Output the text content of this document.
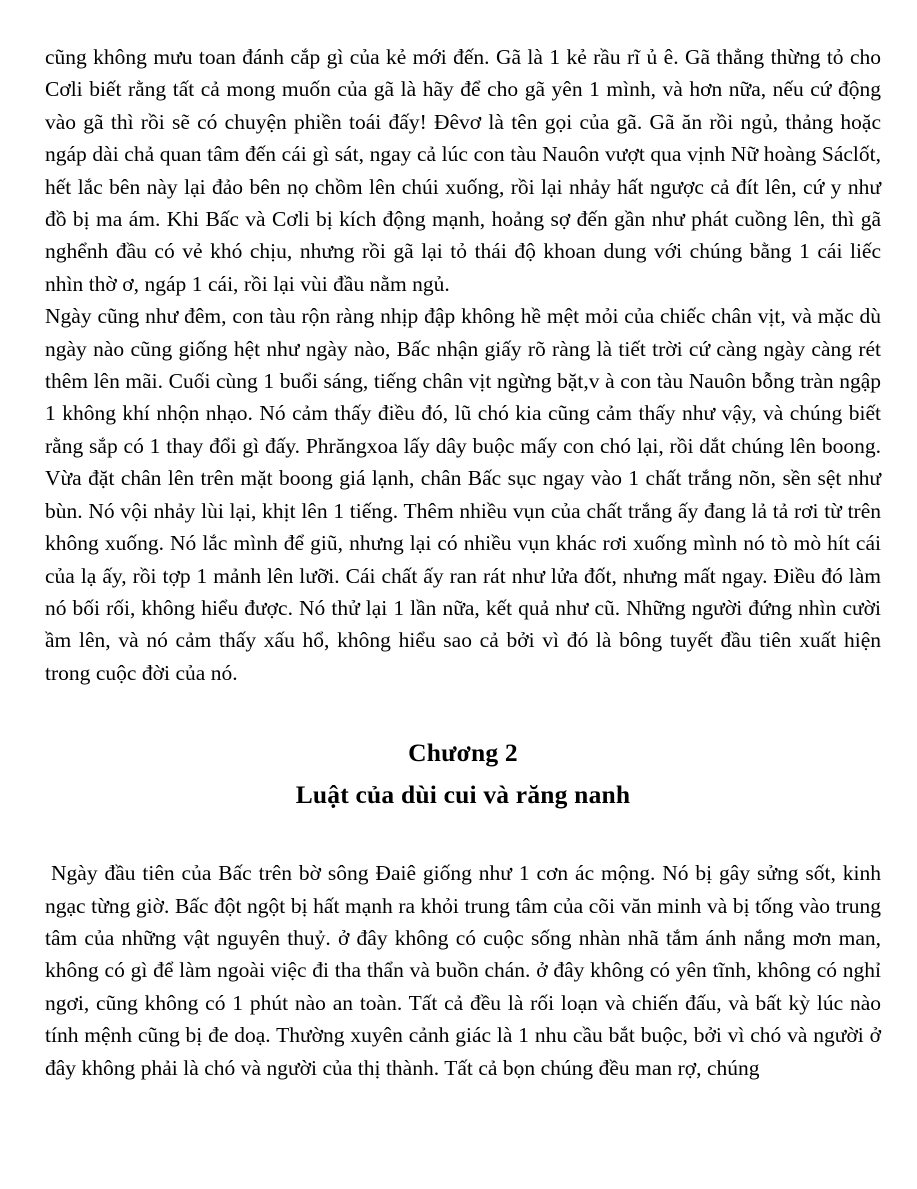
cũng không mưu toan đánh cắp gì của kẻ mới đến. Gã là 1 kẻ rầu rĩ ủ ê. Gã thẳng thừng tỏ cho Cơli biết rằng tất cả mong muốn của gã là hãy để cho gã yên 1 mình, và hơn nữa, nếu cứ động vào gã thì rồi sẽ có chuyện phiền toái đấy! Đêvơ là tên gọi của gã. Gã ăn rồi ngủ, thảng hoặc ngáp dài chả quan tâm đến cái gì sát, ngay cả lúc con tàu Nauôn vượt qua vịnh Nữ hoàng Sáclốt, hết lắc bên này lại đảo bên nọ chồm lên chúi xuống, rồi lại nhảy hất ngược cả đít lên, cứ y như đồ bị ma ám. Khi Bấc và Cơli bị kích động mạnh, hoảng sợ đến gần như phát cuồng lên, thì gã nghểnh đầu có vẻ khó chịu, nhưng rồi gã lại tỏ thái độ khoan dung với chúng bằng 1 cái liếc nhìn thờ ơ, ngáp 1 cái, rồi lại vùi đầu nằm ngủ.

Ngày cũng như đêm, con tàu rộn ràng nhịp đập không hề mệt mỏi của chiếc chân vịt, và mặc dù ngày nào cũng giống hệt như ngày nào, Bấc nhận giấy rõ ràng là tiết trời cứ càng ngày càng rét thêm lên mãi. Cuối cùng 1 buổi sáng, tiếng chân vịt ngừng bặt,v à con tàu Nauôn bỗng tràn ngập 1 không khí nhộn nhạo. Nó cảm thấy điều đó, lũ chó kia cũng cảm thấy như vậy, và chúng biết rằng sắp có 1 thay đổi gì đấy. Phrăngxoa lấy dây buộc mấy con chó lại, rồi dắt chúng lên boong. Vừa đặt chân lên trên mặt boong giá lạnh, chân Bấc sục ngay vào 1 chất trắng nõn, sền sệt như bùn. Nó vội nhảy lùi lại, khịt lên 1 tiếng. Thêm nhiều vụn của chất trắng ấy đang lả tả rơi từ trên không xuống. Nó lắc mình để giũ, nhưng lại có nhiều vụn khác rơi xuống mình nó tò mò hít cái của lạ ấy, rồi tợp 1 mảnh lên lưỡi. Cái chất ấy ran rát như lửa đốt, nhưng mất ngay. Điều đó làm nó bối rối, không hiểu được. Nó thử lại 1 lần nữa, kết quả như cũ. Những người đứng nhìn cười ầm lên, và nó cảm thấy xấu hổ, không hiểu sao cả bởi vì đó là bông tuyết đầu tiên xuất hiện trong cuộc đời của nó.

Chương 2
Luật của dùi cui và răng nanh

Ngày đầu tiên của Bấc trên bờ sông Đaiê giống như 1 cơn ác mộng. Nó bị gây sửng sốt, kinh ngạc từng giờ. Bấc đột ngột bị hất mạnh ra khỏi trung tâm của cõi văn minh và bị tống vào trung tâm của những vật nguyên thuỷ. ở đây không có cuộc sống nhàn nhã tắm ánh nắng mơn man, không có gì để làm ngoài việc đi tha thẩn và buồn chán. ở đây không có yên tĩnh, không có nghỉ ngơi, cũng không có 1 phút nào an toàn. Tất cả đều là rối loạn và chiến đấu, và bất kỳ lúc nào tính mệnh cũng bị đe doạ. Thường xuyên cảnh giác là 1 nhu cầu bắt buộc, bởi vì chó và người ở đây không phải là chó và người của thị thành. Tất cả bọn chúng đều man rợ, chúng
